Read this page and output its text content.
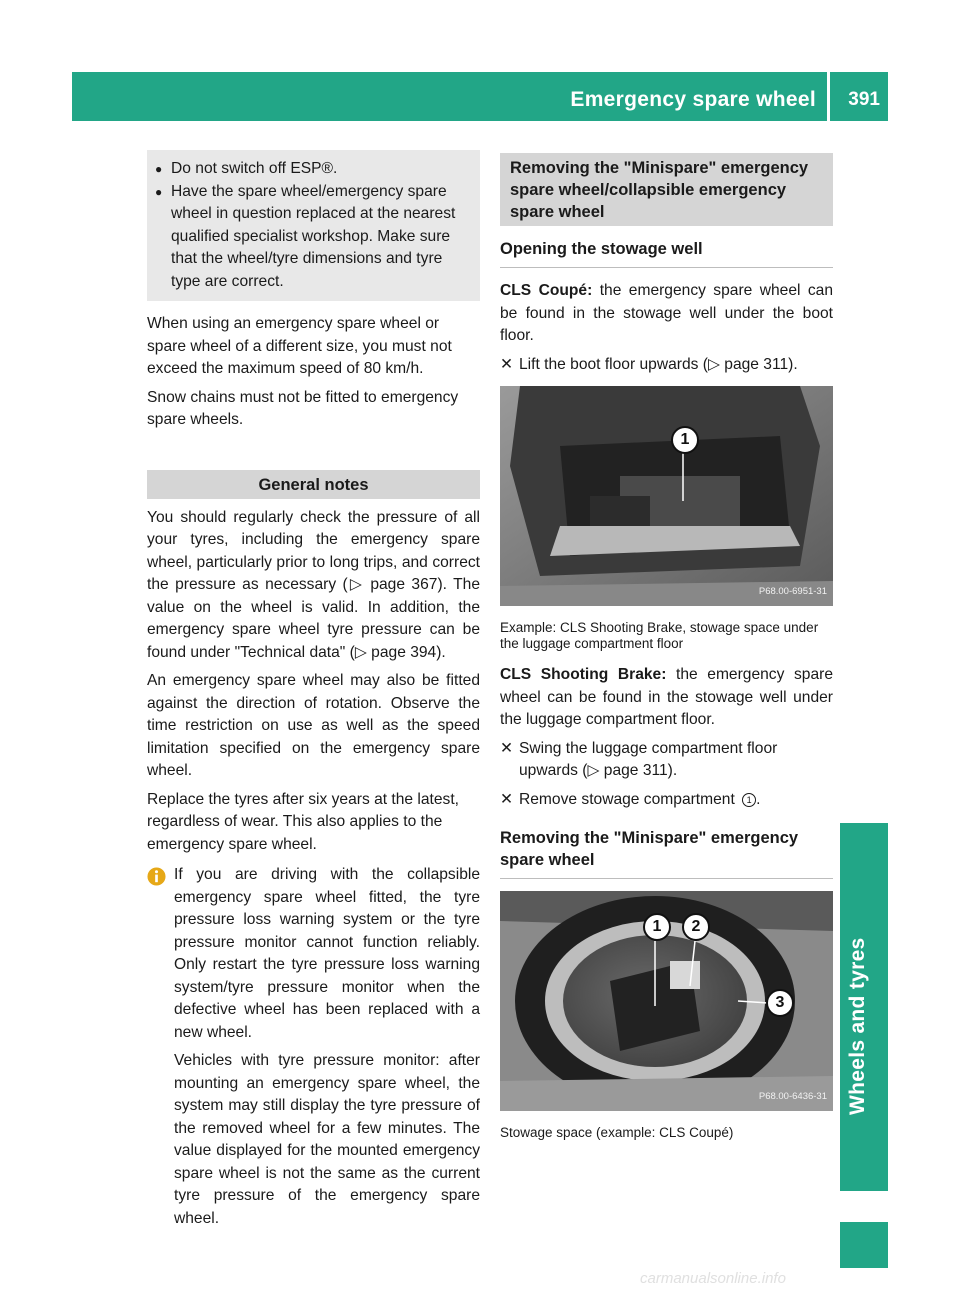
Emergency spare wheel 391
Wheels and tyres
● Do not switch off ESP®.
● Have the spare wheel/emergency spare wheel in question replaced at the nearest qualified specialist workshop. Make sure that the wheel/tyre dimensions and tyre type are correct.

When using an emergency spare wheel or spare wheel of a different size, you must not exceed the maximum speed of 80 km/h.

Snow chains must not be fitted to emergency spare wheels.

General notes

You should regularly check the pressure of all your tyres, including the emergency spare wheel, particularly prior to long trips, and correct the pressure as necessary (▷ page 367). The value on the wheel is valid. In addition, the emergency spare wheel tyre pressure can be found under "Technical data" (▷ page 394).

An emergency spare wheel may also be fitted against the direction of rotation. Observe the time restriction on use as well as the speed limitation specified on the emergency spare wheel.

Replace the tyres after six years at the latest, regardless of wear. This also applies to the emergency spare wheel.

If you are driving with the collapsible emergency spare wheel fitted, the tyre pressure loss warning system or the tyre pressure monitor cannot function reliably. Only restart the tyre pressure loss warning system/tyre pressure monitor when the defective wheel has been replaced with a new wheel.

Vehicles with tyre pressure monitor: after mounting an emergency spare wheel, the system may still display the tyre pressure of the removed wheel for a few minutes. The value displayed for the mounted emergency spare wheel is not the same as the current tyre pressure of the emergency spare wheel.

Removing the "Minispare" emergency spare wheel/collapsible emergency spare wheel
Opening the stowage well

CLS Coupé: the emergency spare wheel can be found in the stowage well under the boot floor.

✕ Lift the boot floor upwards (▷ page 311).
1
P68.00-6951-31
Example: CLS Shooting Brake, stowage space under the luggage compartment floor

CLS Shooting Brake: the emergency spare wheel can be found in the stowage well under the luggage compartment floor.

✕ Swing the luggage compartment floor upwards (▷ page 311).
✕ Remove stowage compartment 1 .
Removing the "Minispare" emergency spare wheel
1	2
3
P68.00-6436-31
Stowage space (example: CLS Coupé)
carmanualsonline.info
